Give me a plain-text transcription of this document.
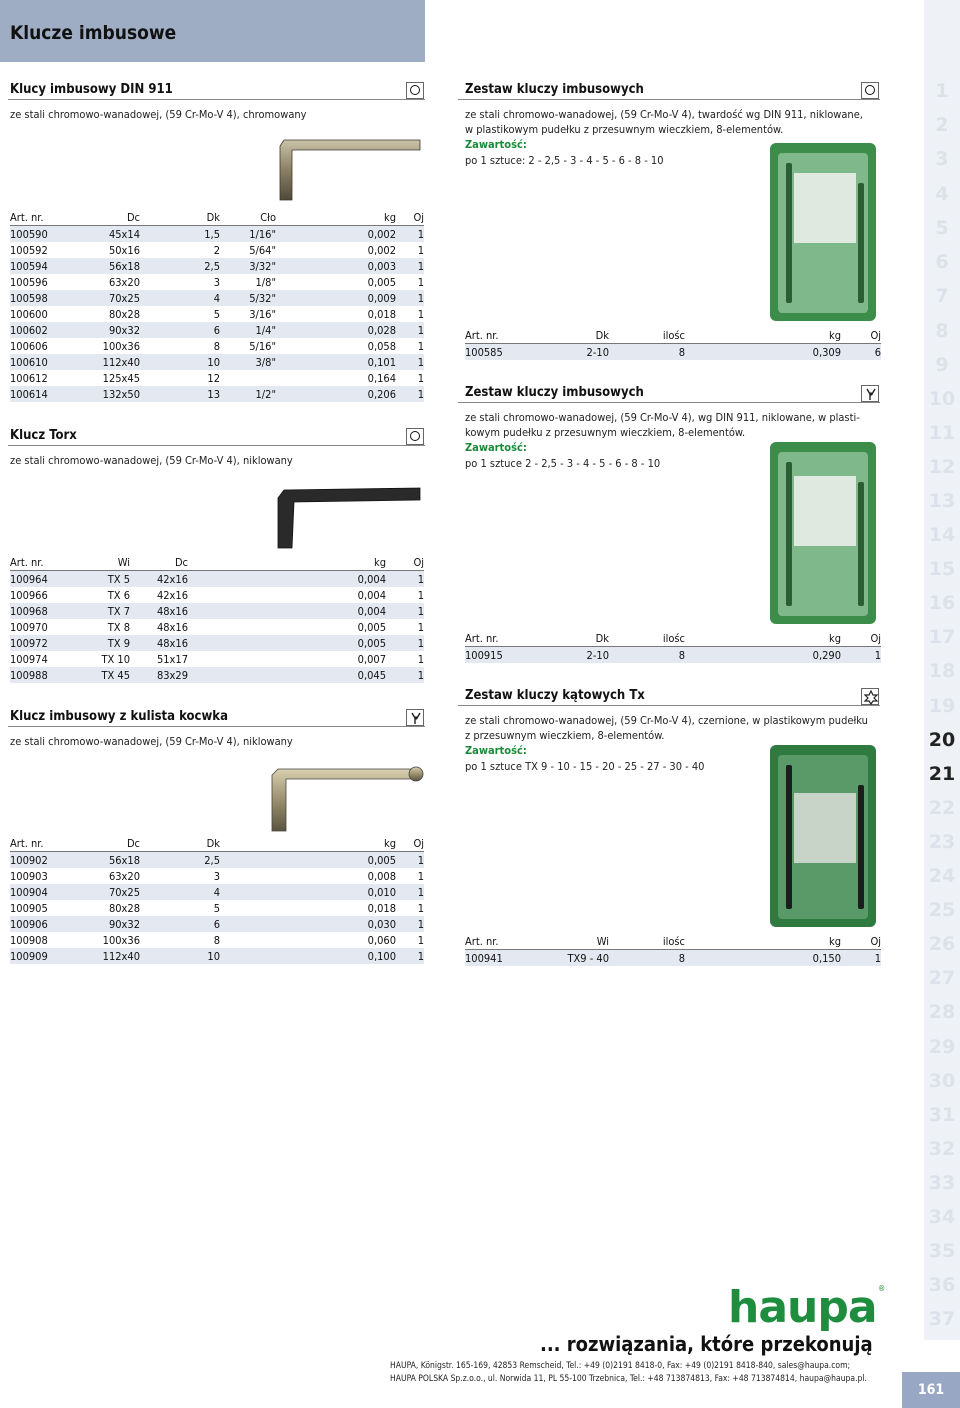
Klucze imbusowe
1
2
3
4
5
6
7
8
9
10
11
12
13
14
15
16
17
18
19
20
21
22
23
24
25
26
27
28
29
30
31
32
33
34
35
36
37
Klucy imbusowy DIN 911
ze stali chromowo-wanadowej, (59 Cr-Mo-V 4), chromowany
Art. nr.	Dc	Dk	Cło	kg	Oj
100590	45x14	1,5	1/16"	0,002	1
100592	50x16	2	5/64"	0,002	1
100594	56x18	2,5	3/32"	0,003	1
100596	63x20	3	1/8"	0,005	1
100598	70x25	4	5/32"	0,009	1
100600	80x28	5	3/16"	0,018	1
100602	90x32	6	1/4"	0,028	1
100606	100x36	8	5/16"	0,058	1
100610	112x40	10	3/8"	0,101	1
100612	125x45	12		0,164	1
100614	132x50	13	1/2"	0,206	1
Klucz Torx
ze stali chromowo-wanadowej, (59 Cr-Mo-V 4), niklowany
Art. nr.	Wi	Dc	kg	Oj
100964	TX 5	42x16	0,004	1
100966	TX 6	42x16	0,004	1
100968	TX 7	48x16	0,004	1
100970	TX 8	48x16	0,005	1
100972	TX 9	48x16	0,005	1
100974	TX 10	51x17	0,007	1
100988	TX 45	83x29	0,045	1
Klucz imbusowy z kulista kocwka
ze stali chromowo-wanadowej, (59 Cr-Mo-V 4), niklowany
Art. nr.	Dc	Dk	kg	Oj
100902	56x18	2,5	0,005	1
100903	63x20	3	0,008	1
100904	70x25	4	0,010	1
100905	80x28	5	0,018	1
100906	90x32	6	0,030	1
100908	100x36	8	0,060	1
100909	112x40	10	0,100	1
Zestaw kluczy imbusowych
ze stali chromowo-wanadowej, (59 Cr-Mo-V 4), twardość wg DIN 911, niklowane,
w plastikowym pudełku z przesuwnym wieczkiem, 8-elementów.
Zawartość:
po 1 sztuce: 2 - 2,5 - 3 - 4 - 5 - 6 - 8 - 10
Art. nr.	Dk	ilośc	kg	Oj
100585	2-10	8	0,309	6
Zestaw kluczy imbusowych
ze stali chromowo-wanadowej, (59 Cr-Mo-V 4), wg DIN 911, niklowane, w plasti-
kowym pudełku z przesuwnym wieczkiem, 8-elementów.
Zawartość:
po 1 sztuce 2 - 2,5 - 3 - 4 - 5 - 6 - 8 - 10
Art. nr.	Dk	ilośc	kg	Oj
100915	2-10	8	0,290	1
Zestaw kluczy kątowych Tx
ze stali chromowo-wanadowej, (59 Cr-Mo-V 4), czernione, w plastikowym pudełku
z przesuwnym wieczkiem, 8-elementów.
Zawartość:
po 1 sztuce TX 9 - 10 - 15 - 20 - 25 - 27 - 30 - 40
Art. nr.	Wi	ilośc	kg	Oj
100941	TX9 - 40	8	0,150	1
haupa ®
... rozwiązania, które przekonują
HAUPA, Königstr. 165-169, 42853 Remscheid, Tel.: +49 (0)2191 8418-0, Fax: +49 (0)2191 8418-840, sales@haupa.com;
HAUPA POLSKA Sp.z.o.o., ul. Norwida 11, PL 55-100 Trzebnica, Tel.: +48 713874813, Fax: +48 713874814, haupa@haupa.pl.
161
